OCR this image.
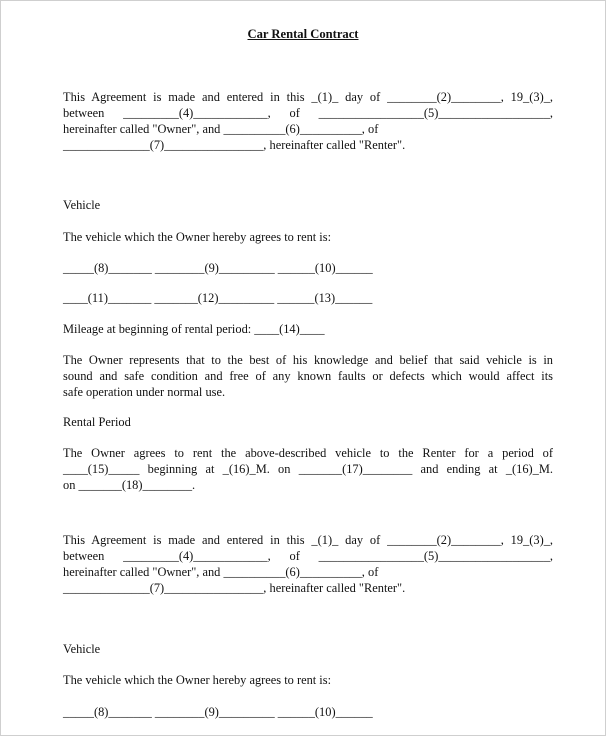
Car Rental Contract
This Agreement is made and entered in this _(1)_ day of ________(2)________, 19_(3)_,
between _________(4)____________, of _________________(5)__________________,
hereinafter called "Owner", and __________(6)__________, of
______________(7)________________, hereinafter called "Renter".
Vehicle
The vehicle which the Owner hereby agrees to rent is:
_____(8)_______ ________(9)_________ ______(10)______
____(11)_______ _______(12)_________ ______(13)______
Mileage at beginning of rental period: ____(14)____
The Owner represents that to the best of his knowledge and belief that said vehicle is in
sound and safe condition and free of any known faults or defects which would affect its
safe operation under normal use.
Rental Period
The Owner agrees to rent the above-described vehicle to the Renter for a period of
____(15)_____ beginning at _(16)_M. on _______(17)________ and ending at _(16)_M.
on _______(18)________.
This Agreement is made and entered in this _(1)_ day of ________(2)________, 19_(3)_,
between _________(4)____________, of _________________(5)__________________,
hereinafter called "Owner", and __________(6)__________, of
______________(7)________________, hereinafter called "Renter".
Vehicle
The vehicle which the Owner hereby agrees to rent is:
_____(8)_______ ________(9)_________ ______(10)______
